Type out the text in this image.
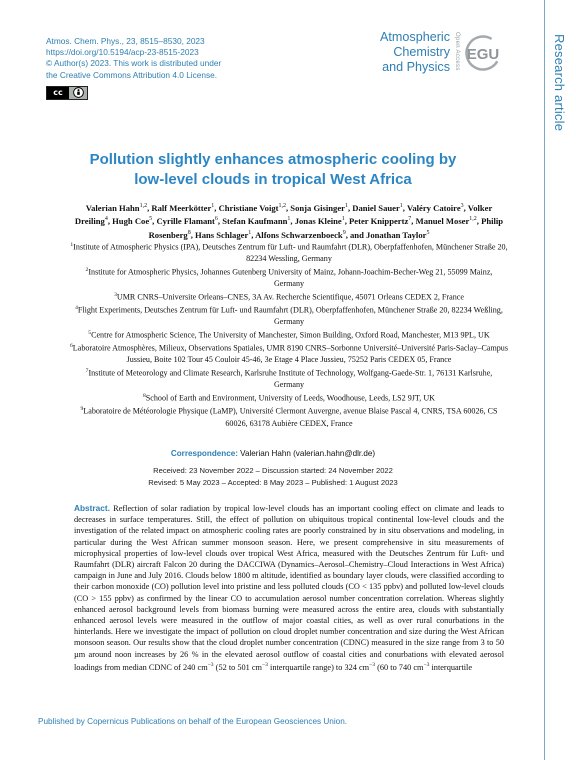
Atmos. Chem. Phys., 23, 8515–8530, 2023
https://doi.org/10.5194/acp-23-8515-2023
© Author(s) 2023. This work is distributed under
the Creative Commons Attribution 4.0 License.
cc
Atmospheric
Chemistry
and Physics Open Access EGU	Research article
Pollution slightly enhances atmospheric cooling by
low-level clouds in tropical West Africa
Valerian Hahn$^{1,2}$, Ralf Meerkötter$^1$, Christiane Voigt$^{1,2}$, Sonja Gisinger$^1$, Daniel Sauer$^1$, Valéry Catoire$^3$, Volker Dreiling$^4$, Hugh Coe$^5$, Cyrille Flamant$^6$, Stefan Kaufmann$^1$, Jonas Kleine$^1$, Peter Knippertz$^7$, Manuel Moser$^{1,2}$, Philip Rosenberg$^8$, Hans Schlager$^1$, Alfons Schwarzenboeck$^9$, and Jonathan Taylor$^5$
$^1$Institute of Atmospheric Physics (IPA), Deutsches Zentrum für Luft- und Raumfahrt (DLR), Oberpfaffenhofen, Münchener Straße 20, 82234 Wessling, Germany
$^2$Institute for Atmospheric Physics, Johannes Gutenberg University of Mainz, Johann-Joachim-Becher-Weg 21, 55099 Mainz, Germany
$^3$UMR CNRS–Universite Orleans–CNES, 3A Av. Recherche Scientifique, 45071 Orleans CEDEX 2, France
$^4$Flight Experiments, Deutsches Zentrum für Luft- und Raumfahrt (DLR), Oberpfaffenhofen, Münchener Straße 20, 82234 Weßling, Germany
$^5$Centre for Atmospheric Science, The University of Manchester, Simon Building, Oxford Road, Manchester, M13 9PL, UK
$^6$Laboratoire Atmosphères, Milieux, Observations Spatiales, UMR 8190 CNRS–Sorbonne Université–Université Paris-Saclay–Campus Jussieu, Boite 102 Tour 45 Couloir 45-46, 3e Etage 4 Place Jussieu, 75252 Paris CEDEX 05, France
$^7$Institute of Meteorology and Climate Research, Karlsruhe Institute of Technology, Wolfgang-Gaede-Str. 1, 76131 Karlsruhe, Germany
$^8$School of Earth and Environment, University of Leeds, Woodhouse, Leeds, LS2 9JT, UK
$^9$Laboratoire de Météorologie Physique (LaMP), Université Clermont Auvergne, avenue Blaise Pascal 4, CNRS, TSA 60026, CS 60026, 63178 Aubière CEDEX, France
Correspondence: Valerian Hahn (valerian.hahn@dlr.de)
Received: 23 November 2022 – Discussion started: 24 November 2022
Revised: 5 May 2023 – Accepted: 8 May 2023 – Published: 1 August 2023
Abstract. Reflection of solar radiation by tropical low-level clouds has an important cooling effect on climate and leads to decreases in surface temperatures. Still, the effect of pollution on ubiquitous tropical continental low-level clouds and the investigation of the related impact on atmospheric cooling rates are poorly constrained by in situ observations and modeling, in particular during the West African summer monsoon season. Here, we present comprehensive in situ measurements of microphysical properties of low-level clouds over tropical West Africa, measured with the Deutsches Zentrum für Luft- und Raumfahrt (DLR) aircraft Falcon 20 during the DACCIWA (Dynamics–Aerosol–Chemistry–Cloud Interactions in West Africa) campaign in June and July 2016. Clouds below 1800 m altitude, identified as boundary layer clouds, were classified according to their carbon monoxide (CO) pollution level into pristine and less polluted clouds (CO < 135 ppbv) and polluted low-level clouds (CO > 155 ppbv) as confirmed by the linear CO to accumulation aerosol number concentration correlation. Whereas slightly enhanced aerosol background levels from biomass burning were measured across the entire area, clouds with substantially enhanced aerosol levels were measured in the outflow of major coastal cities, as well as over rural conurbations in the hinterlands. Here we investigate the impact of pollution on cloud droplet number concentration and size during the West African monsoon season. Our results show that the cloud droplet number concentration (CDNC) measured in the size range from 3 to 50 µm around noon increases by 26 % in the elevated aerosol outflow of coastal cities and conurbations with elevated aerosol loadings from median CDNC of 240 $cm^{-3}$ (52 to 501 $cm^{-3}$ interquartile range) to 324 $cm^{-3}$ (60 to 740 $cm^{-3}$ interquartile
Published by Copernicus Publications on behalf of the European Geosciences Union.
